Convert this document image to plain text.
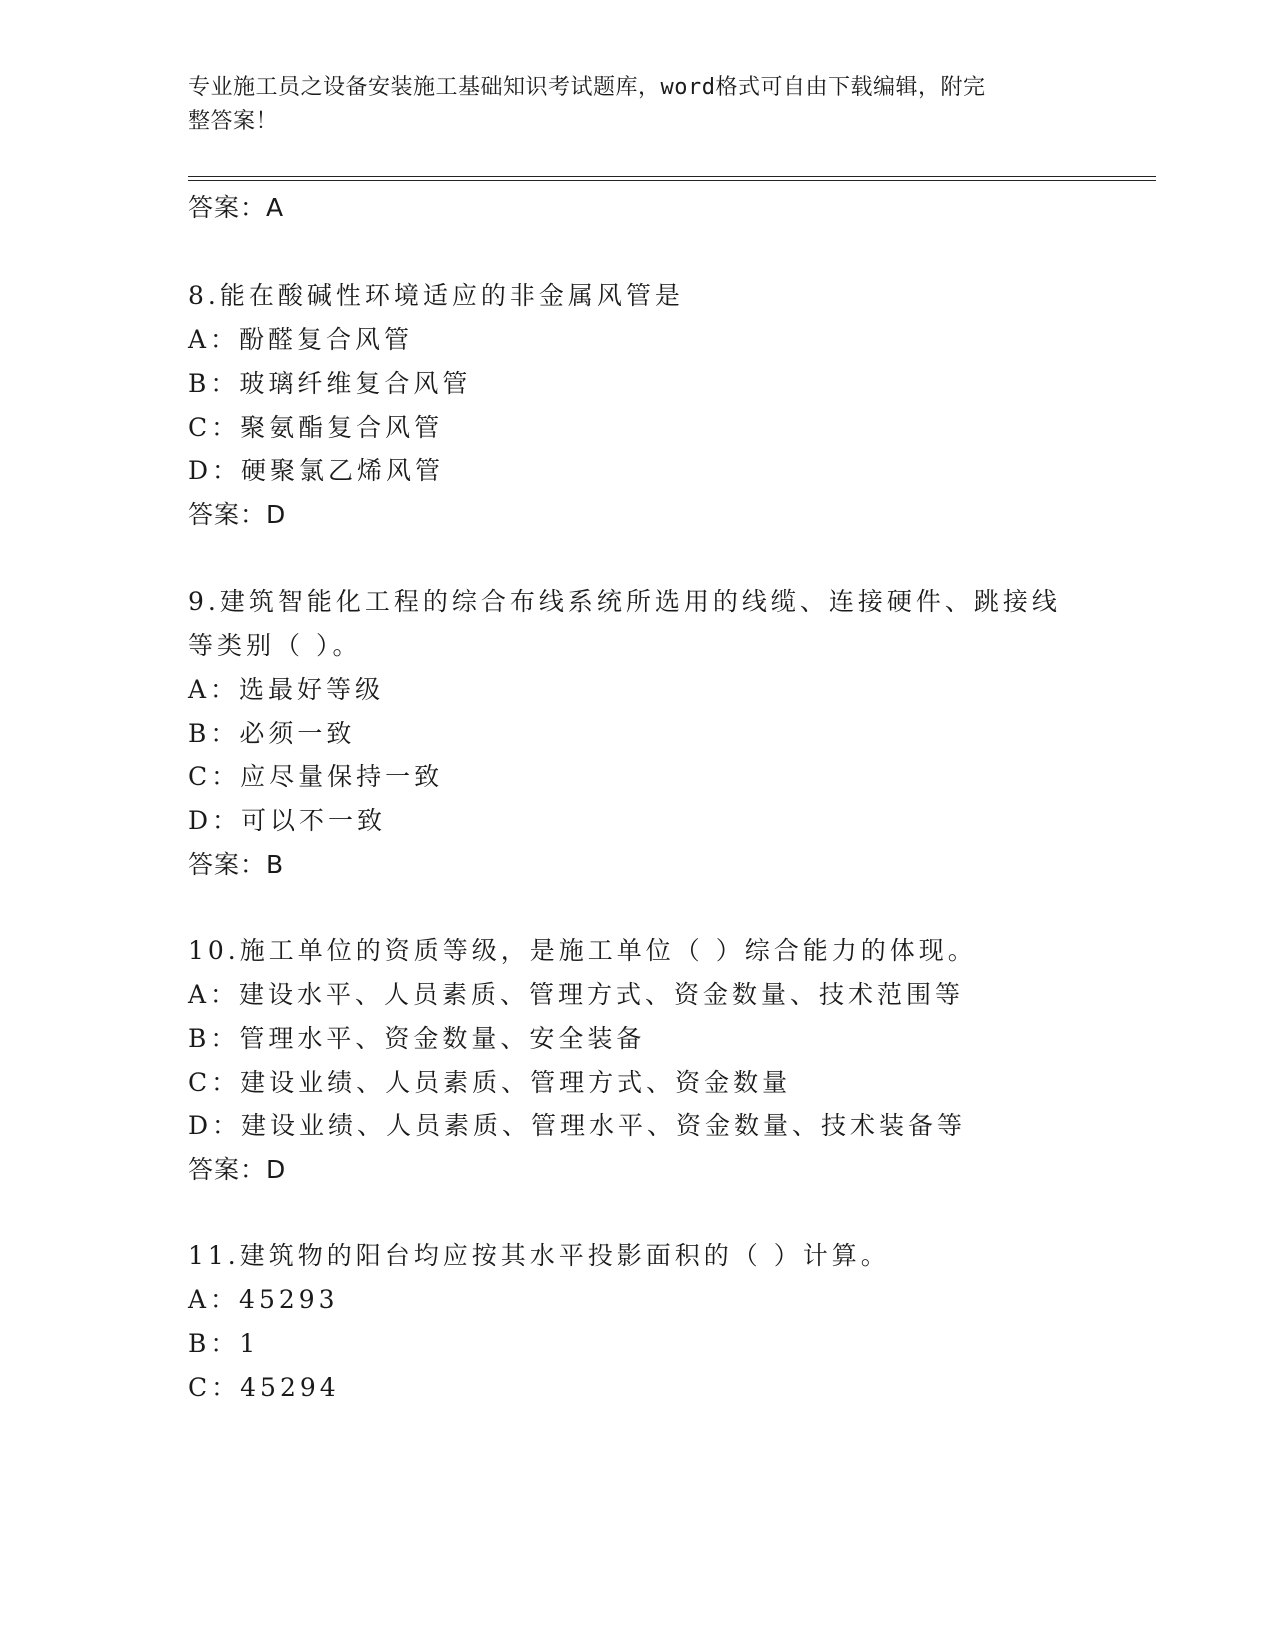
专业施工员之设备安装施工基础知识考试题库，word格式可自由下载编辑，附完
整答案！
答案：A
8.能在酸碱性环境适应的非金属风管是
A：酚醛复合风管
B：玻璃纤维复合风管
C：聚氨酯复合风管
D：硬聚氯乙烯风管
答案：D
9.建筑智能化工程的综合布线系统所选用的线缆、连接硬件、跳接线
等类别（ ）。
A：选最好等级
B：必须一致
C：应尽量保持一致
D：可以不一致
答案：B
10.施工单位的资质等级，是施工单位（ ）综合能力的体现。
A：建设水平、人员素质、管理方式、资金数量、技术范围等
B：管理水平、资金数量、安全装备
C：建设业绩、人员素质、管理方式、资金数量
D：建设业绩、人员素质、管理水平、资金数量、技术装备等
答案：D
11.建筑物的阳台均应按其水平投影面积的（ ）计算。
A：45293
B：1
C：45294
